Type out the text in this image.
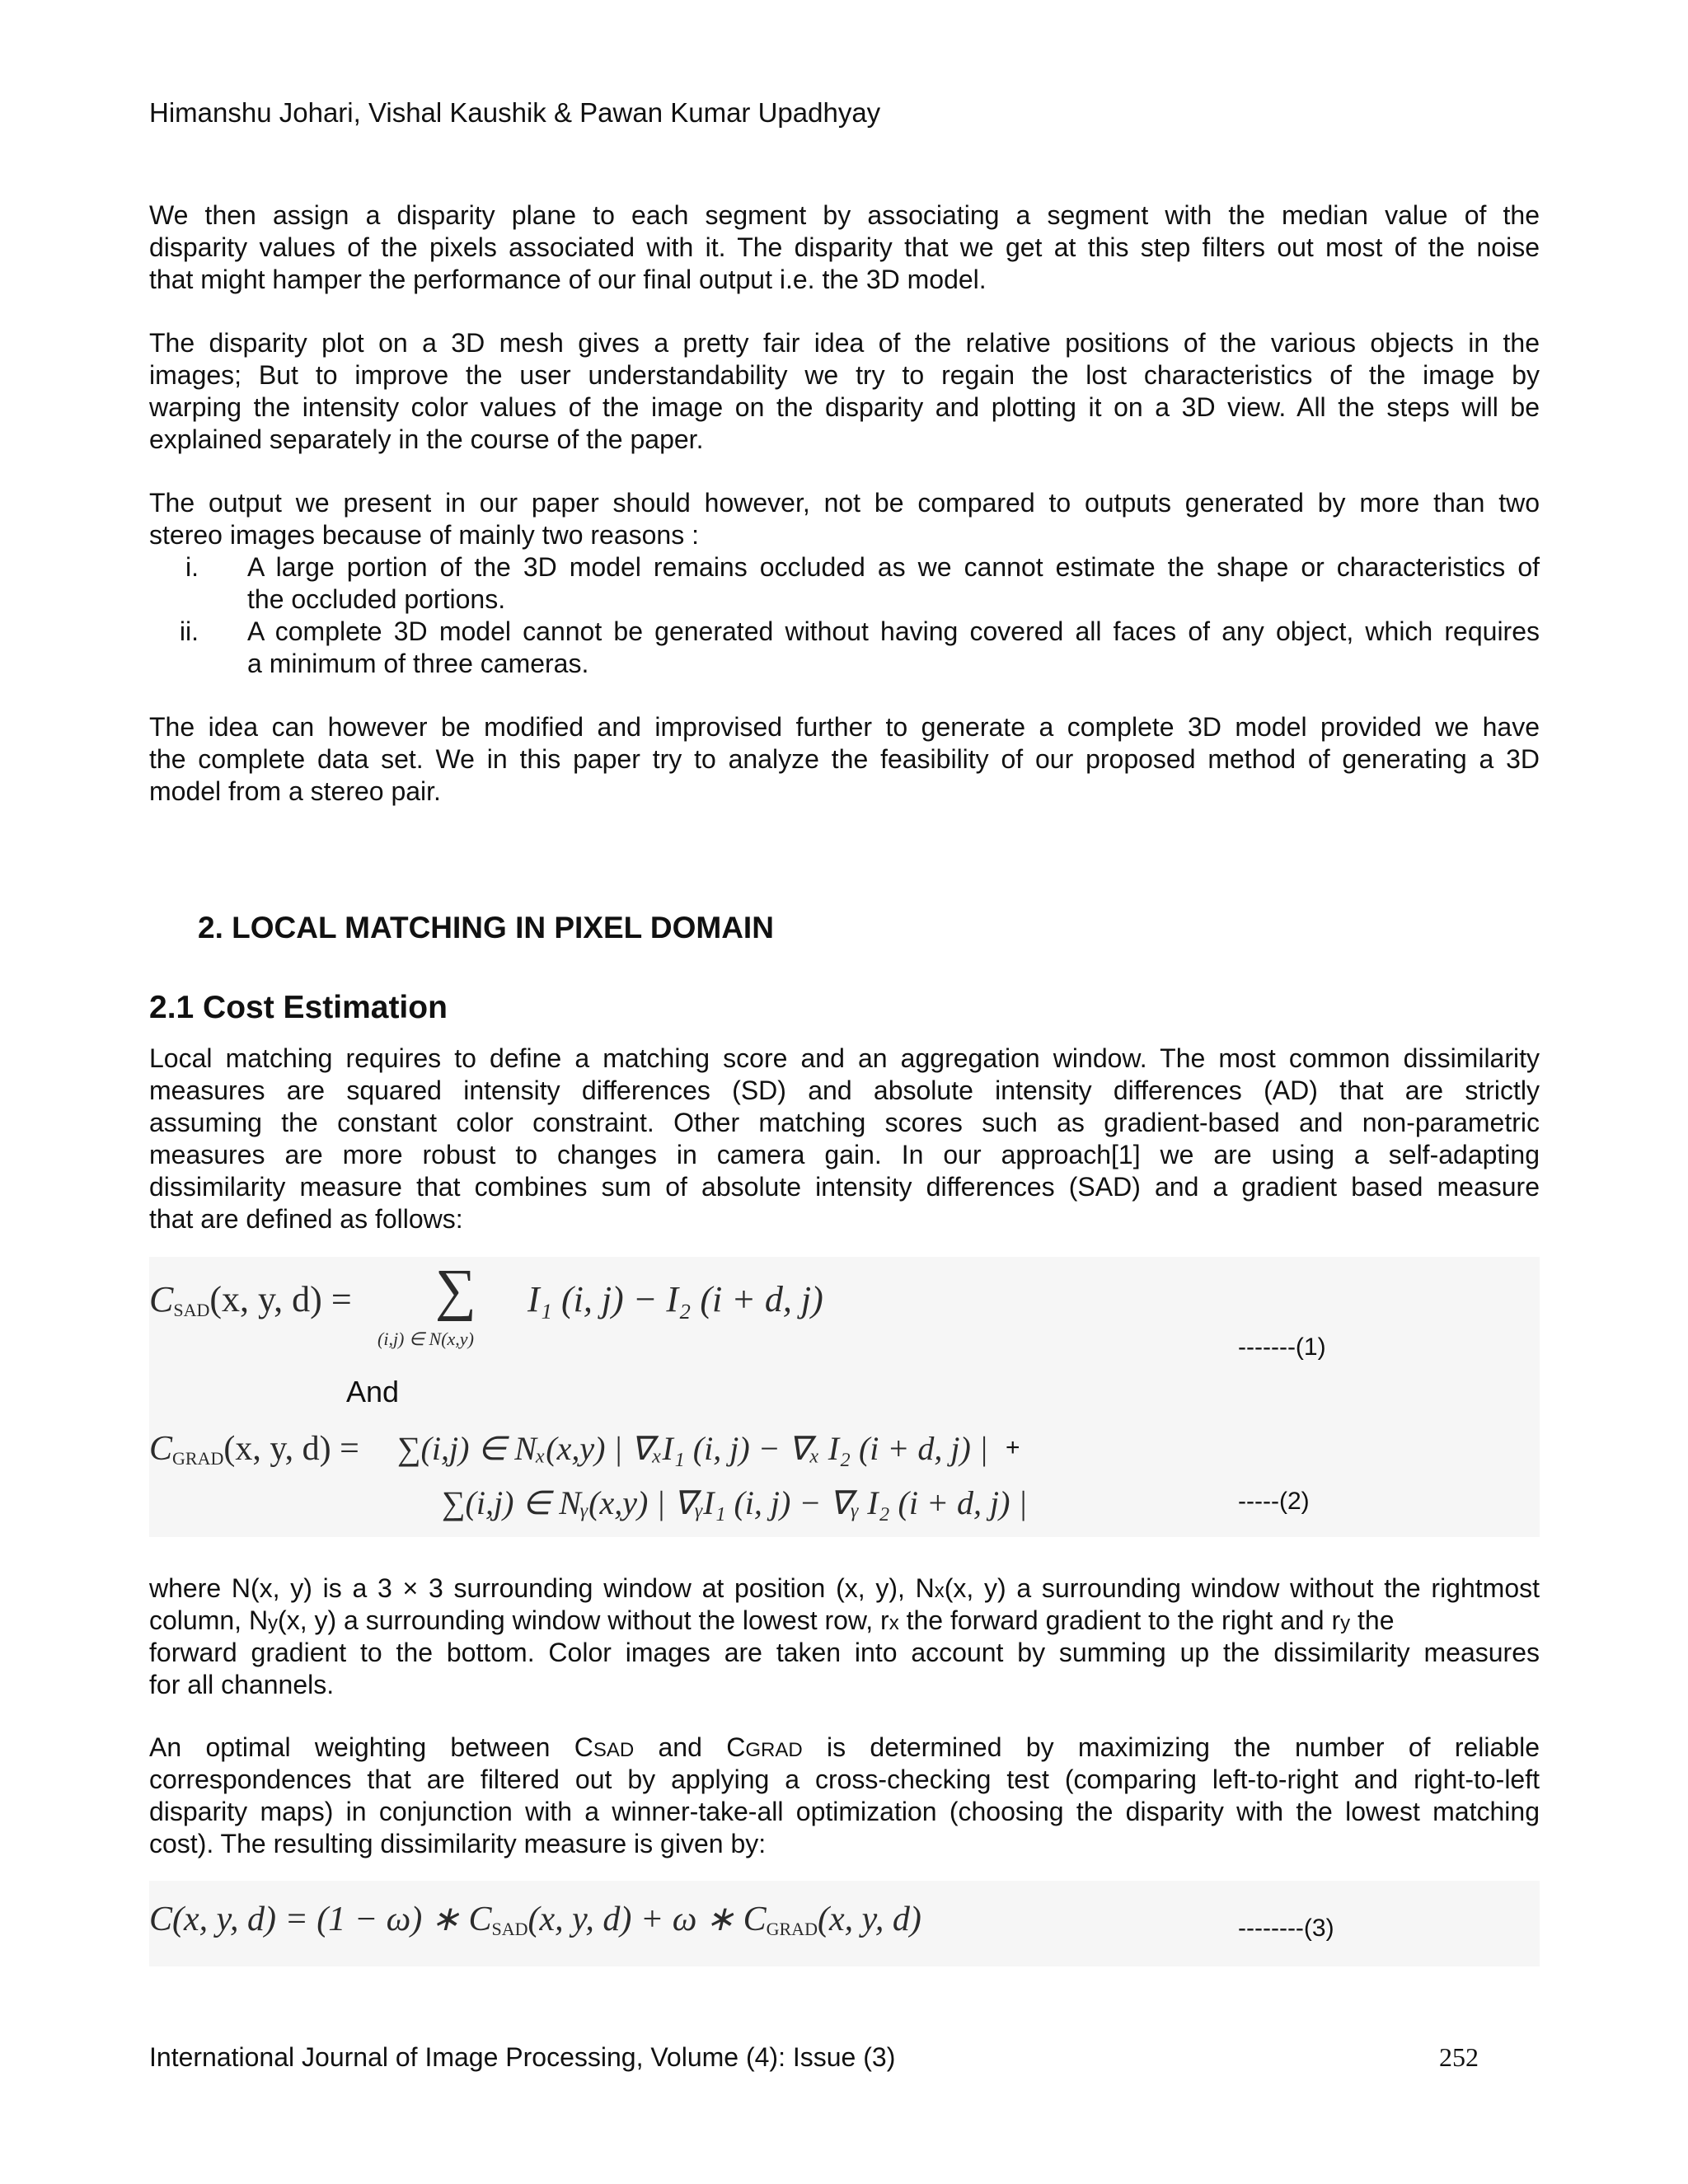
Himanshu Johari, Vishal Kaushik & Pawan Kumar Upadhyay
We then assign a disparity plane to each segment by associating a segment with the median value of the
disparity values of the pixels associated with it. The disparity that we get at this step filters out most of the noise
that might hamper the performance of our final output i.e. the 3D model.
The disparity plot on a 3D mesh gives a pretty fair idea of the relative positions of the various objects in the
images; But to improve the user understandability we try to regain the lost characteristics of the image by
warping the intensity color values of the image on the disparity and plotting it on a 3D view. All the steps will be
explained separately in the course of the paper.
The output we present in our paper should however, not be compared to outputs generated by more than two
stereo images because of mainly two reasons :
i. A large portion of the 3D model remains occluded as we cannot estimate the shape or characteristics of
the occluded portions.
ii. A complete 3D model cannot be generated without having covered all faces of any object, which requires
a minimum of three cameras.
The idea can however be modified and improvised further to generate a complete 3D model provided we have
the complete data set. We in this paper try to analyze the feasibility of our proposed method of generating a 3D
model from a stereo pair.
2. LOCAL MATCHING IN PIXEL DOMAIN
2.1 Cost Estimation
Local matching requires to define a matching score and an aggregation window. The most common dissimilarity
measures are squared intensity differences (SD) and absolute intensity differences (AD) that are strictly
assuming the constant color constraint. Other matching scores such as gradient-based and non-parametric
measures are more robust to changes in camera gain. In our approach[1] we are using a self-adapting
dissimilarity measure that combines sum of absolute intensity differences (SAD) and a gradient based measure
that are defined as follows:
$C_{SAD}(x$, y, d) = ∑
(i,j) ∈ N(x,y)
I₁ (i, j) − I₂ (i + d, j)
-------(1)
And
$C_{GRAD}(x$, y, d) = ∑(i,j) ∈ Nₓ(x,y) | ∇ₓI₁ (i, j) − ∇ₓ I₂ (i + d, j) | +
∑(i,j) ∈ Nᵧ(x,y) | ∇ᵧI₁ (i, j) − ∇ᵧ I₂ (i + d, j) |	-----(2)
where N(x, y) is a 3 × 3 surrounding window at position (x, y), Nx(x, y) a surrounding window without the rightmost
column, Ny(x, y) a surrounding window without the lowest row, rx the forward gradient to the right and ry the
forward gradient to the bottom. Color images are taken into account by summing up the dissimilarity measures
for all channels.
An optimal weighting between CSAD and CGRAD is determined by maximizing the number of reliable
correspondences that are filtered out by applying a cross-checking test (comparing left-to-right and right-to-left
disparity maps) in conjunction with a winner-take-all optimization (choosing the disparity with the lowest matching
cost). The resulting dissimilarity measure is given by:
C(x, y, d) = (1 − ω) ∗ $C_{SAD}(x$, y, d) + ω ∗ $C_{GRAD}(x$, y, d)	--------(3)
International Journal of Image Processing, Volume (4): Issue (3)	252
